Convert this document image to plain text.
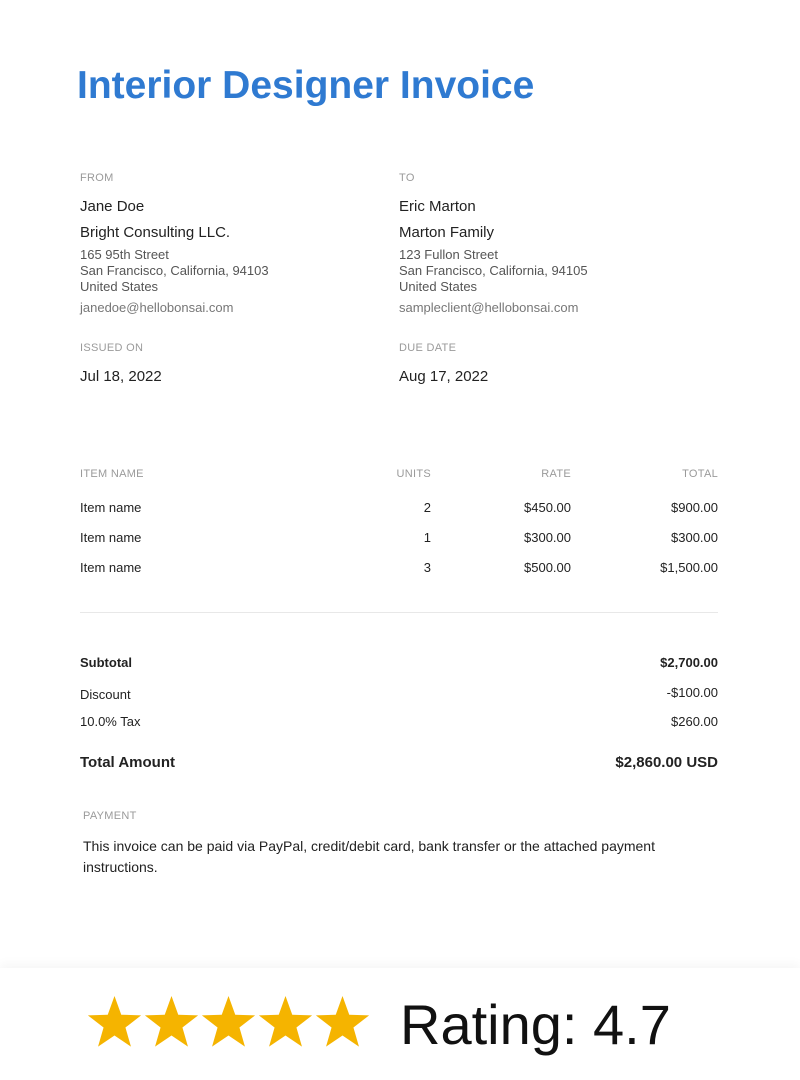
Interior Designer Invoice
FROM
Jane Doe
Bright Consulting LLC.
165 95th Street
San Francisco, California, 94103
United States
janedoe@hellobonsai.com
TO
Eric Marton
Marton Family
123 Fullon Street
San Francisco, California, 94105
United States
sampleclient@hellobonsai.com
ISSUED ON
Jul 18, 2022
DUE DATE
Aug 17, 2022
ITEM NAME	UNITS	RATE	TOTAL
Item name	2	$450.00	$900.00
Item name	1	$300.00	$300.00
Item name	3	$500.00	$1,500.00
Subtotal	$2,700.00
Discount	-$100.00
10.0% Tax	$260.00
Total Amount	$2,860.00 USD
PAYMENT
This invoice can be paid via PayPal, credit/debit card, bank transfer or the attached payment instructions.
Rating: 4.7
